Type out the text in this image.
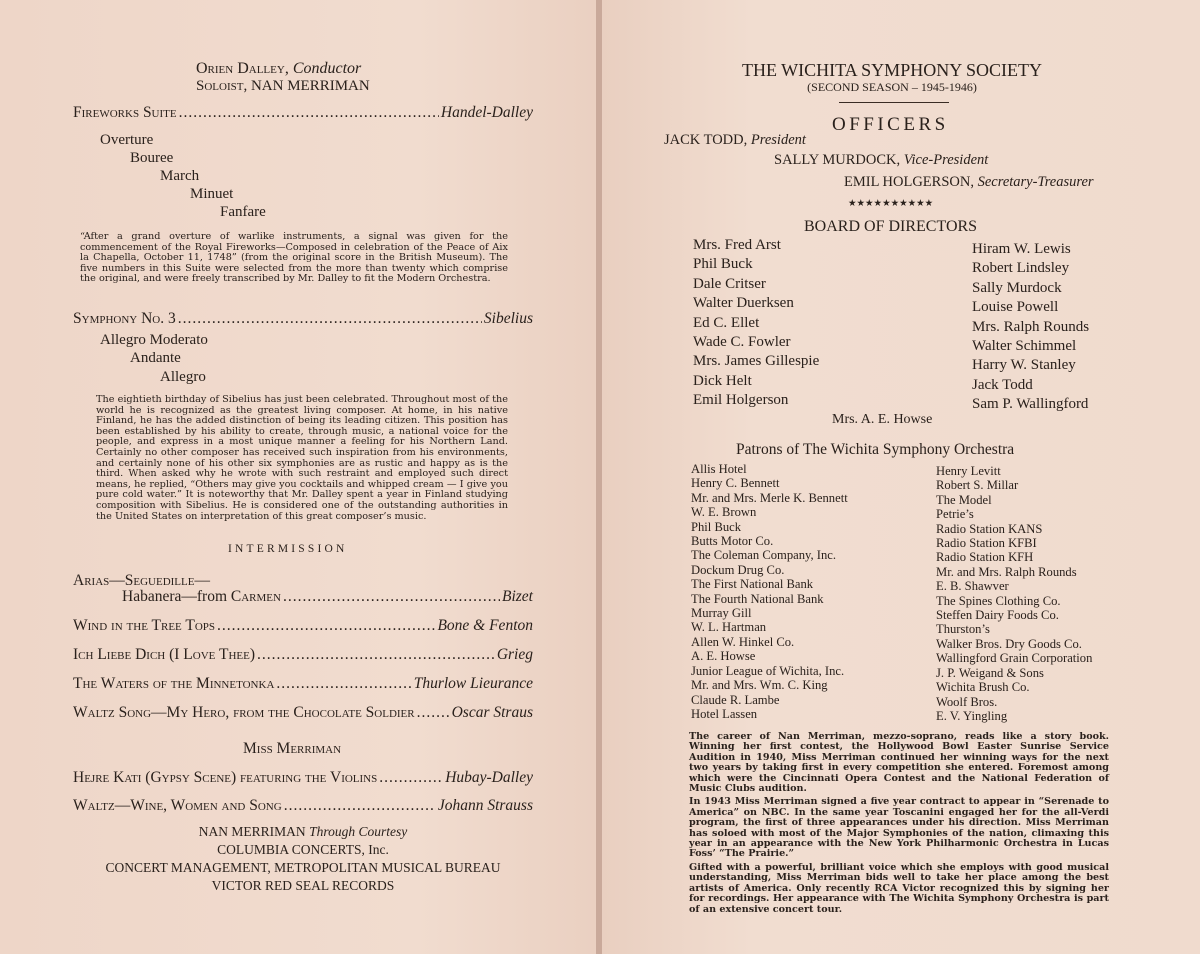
Orien Dalley, Conductor
Soloist, NAN MERRIMAN
Fireworks Suite .....	Handel-Dalley
Overture
Bouree
March
Minuet
Fanfare
“After a grand overture of warlike instruments, a signal was given for the commencement of the Royal Fireworks—Composed in celebration of the Peace of Aix la Chapella, October 11, 1748” (from the original score in the British Museum). The five numbers in this Suite were selected from the more than twenty which comprise the original, and were freely transcribed by Mr. Dalley to fit the Modern Orchestra.
Symphony No. 3 .....	Sibelius
Allegro Moderato
Andante
Allegro
The eightieth birthday of Sibelius has just been celebrated. Throughout most of the world he is recognized as the greatest living composer. At home, in his native Finland, he has the added distinction of being its leading citizen. This position has been established by his ability to create, through music, a national voice for the people, and express in a most unique manner a feeling for his Northern Land. Certainly no other composer has received such inspiration from his environments, and certainly none of his other six symphonies are as rustic and happy as is the third. When asked why he wrote with such restraint and employed such direct means, he replied, “Others may give you cocktails and whipped cream — I give you pure cold water.” It is noteworthy that Mr. Dalley spent a year in Finland studying composition with Sibelius. He is considered one of the outstanding authorities in the United States on interpretation of this great composer’s music.
INTERMISSION
Arias—Seguedille—
Habanera—from Carmen .....	Bizet
Wind in the Tree Tops .....	Bone & Fenton
Ich Liebe Dich (I Love Thee) .....	Grieg
The Waters of the Minnetonka .....	Thurlow Lieurance
Waltz Song—My Hero, from the Chocolate Soldier ..... Oscar Straus
Miss Merriman
Hejre Kati (Gypsy Scene) featuring the Violins .....	Hubay-Dalley
Waltz—Wine, Women and Song .....	Johann Strauss
NAN MERRIMAN Through Courtesy
COLUMBIA CONCERTS, Inc.
CONCERT MANAGEMENT, METROPOLITAN MUSICAL BUREAU
VICTOR RED SEAL RECORDS
THE WICHITA SYMPHONY SOCIETY
(SECOND SEASON – 1945-1946)
OFFICERS
JACK TODD, President
SALLY MURDOCK, Vice-President
EMIL HOLGERSON, Secretary-Treasurer
★★★★★★★★★★
BOARD OF DIRECTORS
Mrs. Fred Arst
Phil Buck
Dale Critser
Walter Duerksen
Ed C. Ellet
Wade C. Fowler
Mrs. James Gillespie
Dick Helt
Emil Holgerson
Hiram W. Lewis
Robert Lindsley
Sally Murdock
Louise Powell
Mrs. Ralph Rounds
Walter Schimmel
Harry W. Stanley
Jack Todd
Sam P. Wallingford
Mrs. A. E. Howse
Patrons of The Wichita Symphony Orchestra
Allis Hotel
Henry C. Bennett
Mr. and Mrs. Merle K. Bennett
W. E. Brown
Phil Buck
Butts Motor Co.
The Coleman Company, Inc.
Dockum Drug Co.
The First National Bank
The Fourth National Bank
Murray Gill
W. L. Hartman
Allen W. Hinkel Co.
A. E. Howse
Junior League of Wichita, Inc.
Mr. and Mrs. Wm. C. King
Claude R. Lambe
Hotel Lassen
Henry Levitt
Robert S. Millar
The Model
Petrie’s
Radio Station KANS
Radio Station KFBI
Radio Station KFH
Mr. and Mrs. Ralph Rounds
E. B. Shawver
The Spines Clothing Co.
Steffen Dairy Foods Co.
Thurston’s
Walker Bros. Dry Goods Co.
Wallingford Grain Corporation
J. P. Weigand & Sons
Wichita Brush Co.
Woolf Bros.
E. V. Yingling

The career of Nan Merriman, mezzo-soprano, reads like a story book. Winning her first contest, the Hollywood Bowl Easter Sunrise Service Audition in 1940, Miss Merriman continued her winning ways for the next two years by taking first in every competition she entered. Foremost among which were the Cincinnati Opera Contest and the National Federation of Music Clubs audition.

In 1943 Miss Merriman signed a five year contract to appear in “Serenade to America” on NBC. In the same year Toscanini engaged her for the all-Verdi program, the first of three appearances under his direction. Miss Merriman has soloed with most of the Major Symphonies of the nation, climaxing this year in an appearance with the New York Philharmonic Orchestra in Lucas Foss’ “The Prairie.”

Gifted with a powerful, brilliant voice which she employs with good musical understanding, Miss Merriman bids well to take her place among the best artists of America. Only recently RCA Victor recognized this by signing her for recordings. Her appearance with The Wichita Symphony Orchestra is part of an extensive concert tour.
